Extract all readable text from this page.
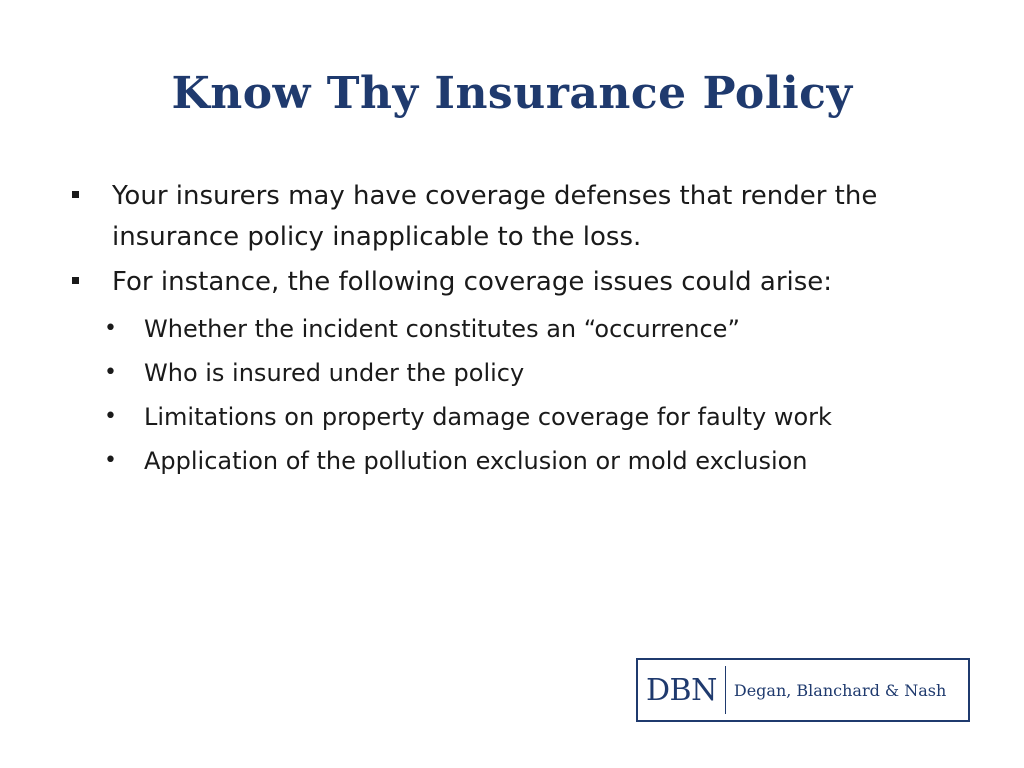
Know Thy Insurance Policy
Your insurers may have coverage defenses that render the insurance policy inapplicable to the loss.
For instance, the following coverage issues could arise:
• Whether the incident constitutes an “occurrence”
• Who is insured under the policy
• Limitations on property damage coverage for faulty work
• Application of the pollution exclusion or mold exclusion
DBN	Degan, Blanchard & Nash
